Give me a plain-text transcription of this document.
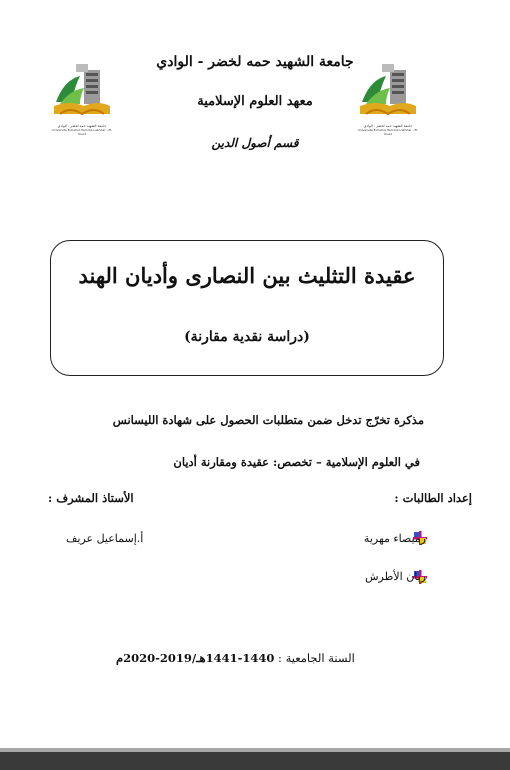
جامعة الشهيد حمه لخضر - الوادي
Université Echahid Hamma Lakhdar - El-Oued
جامعة الشهيد حمه لخضر - الوادي
Université Echahid Hamma Lakhdar - El-Oued
جامعة الشهيد حمه لخضر - الوادي
معهد العلوم الإسلامية
قسم أصول الدين
عقيدة التثليث بين النصارى وأديان الهند
(دراسة نقدية مقارنة)
مذكرة تخرّج تدخل ضمن متطلبات الحصول على شهادة الليسانس
في العلوم الإسلامية – تخصص: عقيدة ومقارنة أديان
إعداد الطالبات :
الأستاذ المشرف :
رميصاء مهرية
ريان الأطرش
أ.إسماعيل عريف
السنة الجامعية : 1440-1441هـ/2019-2020م
